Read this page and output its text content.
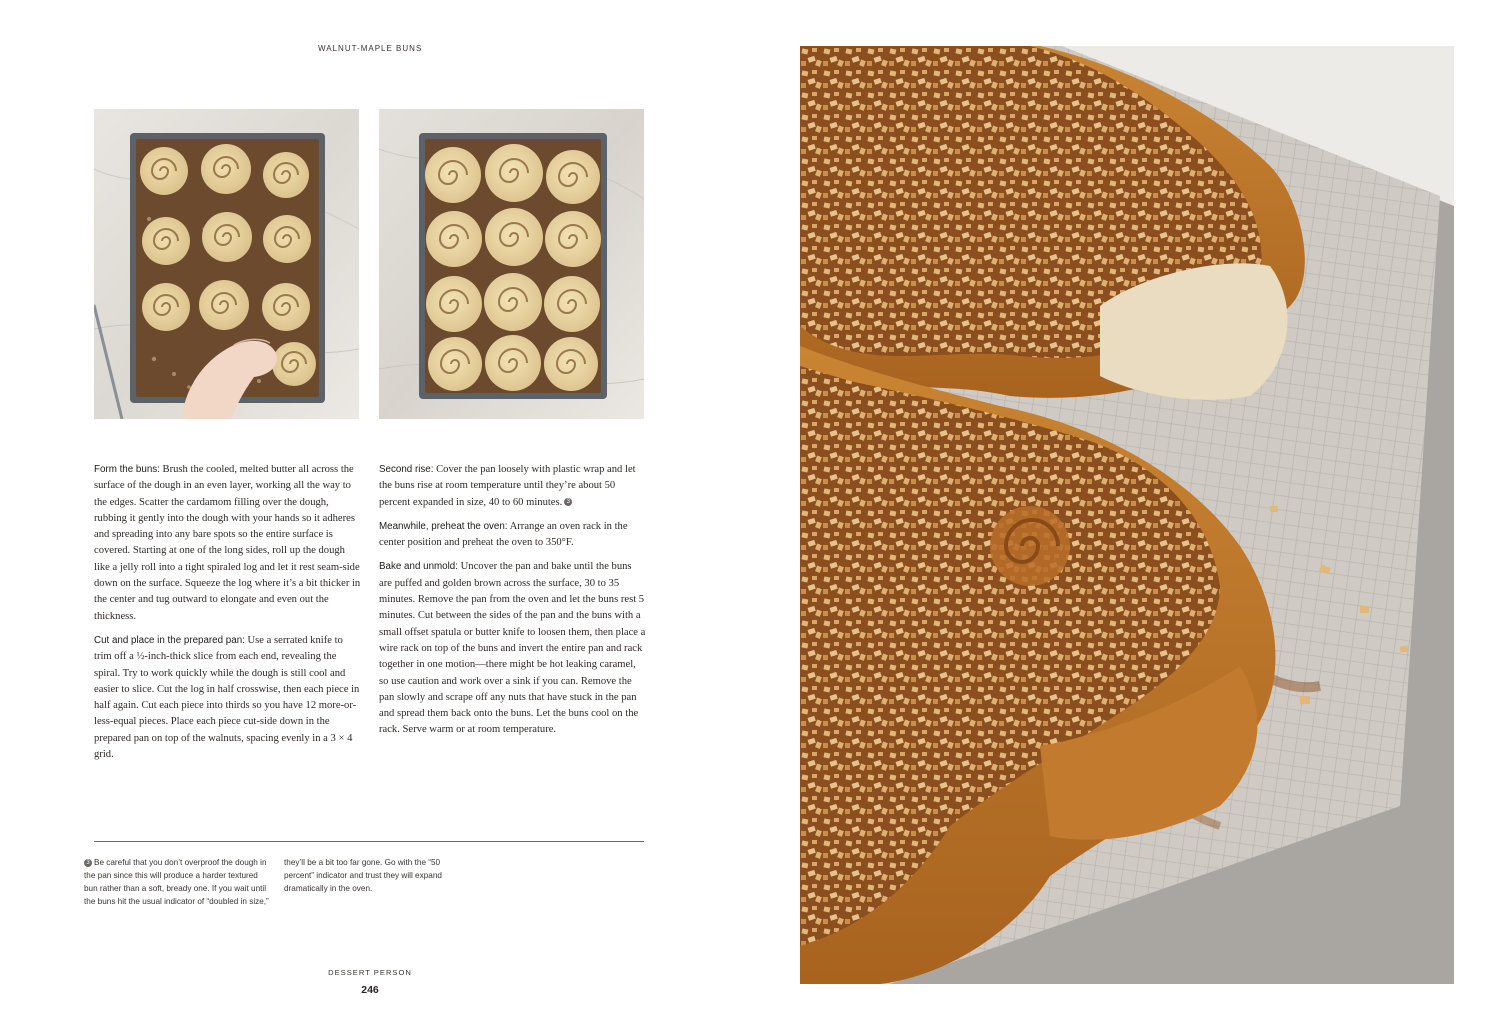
WALNUT-MAPLE BUNS

Form the buns: Brush the cooled, melted butter all across the surface of the dough in an even layer, working all the way to the edges. Scatter the cardamom filling over the dough, rubbing it gently into the dough with your hands so it adheres and spreading into any bare spots so the entire surface is covered. Starting at one of the long sides, roll up the dough like a jelly roll into a tight spiraled log and let it rest seam-side down on the surface. Squeeze the log where it’s a bit thicker in the center and tug outward to elongate and even out the thickness.

Cut and place in the prepared pan: Use a serrated knife to trim off a ½-inch-thick slice from each end, revealing the spiral. Try to work quickly while the dough is still cool and easier to slice. Cut the log in half crosswise, then each piece in half again. Cut each piece into thirds so you have 12 more-or-less-equal pieces. Place each piece cut-side down in the prepared pan on top of the walnuts, spacing evenly in a 3 × 4 grid.

Second rise: Cover the pan loosely with plastic wrap and let the buns rise at room temperature until they’re about 50 percent expanded in size, 40 to 60 minutes. 3

Meanwhile, preheat the oven: Arrange an oven rack in the center position and preheat the oven to 350°F.

Bake and unmold: Uncover the pan and bake until the buns are puffed and golden brown across the surface, 30 to 35 minutes. Remove the pan from the oven and let the buns rest 5 minutes. Cut between the sides of the pan and the buns with a small offset spatula or butter knife to loosen them, then place a wire rack on top of the buns and invert the entire pan and rack together in one motion—there might be hot leaking caramel, so use caution and work over a sink if you can. Remove the pan slowly and scrape off any nuts that have stuck in the pan and spread them back onto the buns. Let the buns cool on the rack. Serve warm or at room temperature.

3 Be careful that you don’t overproof the dough in the pan since this will produce a harder textured bun rather than a soft, bready one. If you wait until the buns hit the usual indicator of “doubled in size,”
they’ll be a bit too far gone. Go with the “50 percent” indicator and trust they will expand dramatically in the oven.
DESSERT PERSON
246
